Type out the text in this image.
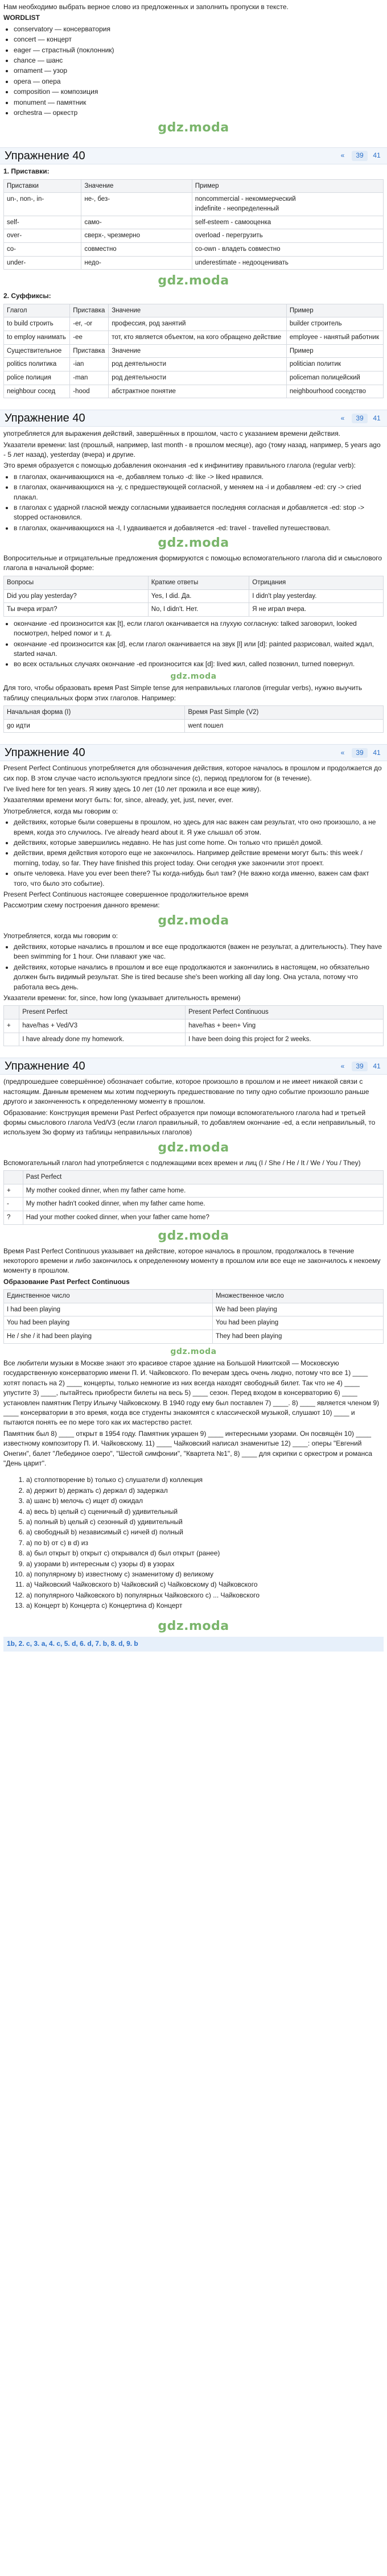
Нам необходимо выбрать верное слово из предложенных и заполнить пропуски в тексте.

WORDLIST

• conservatory — консерватория
• concert — концерт
• eager — страстный (поклонник)
• chance — шанс
• ornament — узор
• opera — опера
• composition — композиция
• monument — памятник
• orchestra — оркестр
gdz.moda
Упражнение 40	«	39	41

1. Приставки:

Приставки	Значение	Пример
un-, non-, in-	не-, без-	noncommercial - некоммерческий
indefinite - неопределенный
self-	само-	self-esteem - самооценка
over-	сверх-, чрезмерно	overload - перегрузить
co-	совместно	co-own - владеть совместно
under-	недо-	underestimate - недооценивать
gdz.moda

2. Суффиксы:

Глагол	Приставка	Значение	Пример
to build строить	-er, -or	профессия, род занятий	builder строитель
to employ нанимать	-ee	тот, кто является объектом, на кого обращено действие	employee - нанятый работник
Существительное	Приставка	Значение	Пример
politics политика	-ian	род деятельности	politician политик
police полиция	-man	род деятельности	policeman полицейский
neighbour сосед	-hood	абстрактное понятие	neighbourhood соседство
Упражнение 40	«	39	41

употребляется для выражения действий, завершённых в прошлом, часто с указанием времени действия.

Указатели времени: last (прошлый, например, last month - в прошлом месяце), ago (тому назад, например, 5 years ago - 5 лет назад), yesterday (вчера) и другие.

Это время образуется с помощью добавления окончания -ed к инфинитиву правильного глагола (regular verb):

• в глаголах, оканчивающихся на -е, добавляем только -d: like -> liked нравился.
• в глаголах, оканчивающихся на -у, с предшествующей согласной, у меняем на -i и добавляем -ed: cry -> cried плакал.
• в глаголах с ударной гласной между согласными удваивается последняя согласная и добавляется -ed: stop -> stopped остановился.
• в глаголах, оканчивающихся на -l, l удваивается и добавляется -ed: travel - travelled путешествовал.
gdz.moda

Вопросительные и отрицательные предложения формируются с помощью вспомогательного глагола did и смыслового глагола в начальной форме:

Вопросы	Краткие ответы	Отрицания
Did you play yesterday?	Yes, I did. Да.	I didn't play yesterday.
Ты вчера играл?	No, I didn't. Нет.	Я не играл вчера.
• окончание -ed произносится как [t], если глагол оканчивается на глухую согласную: talked заговорил, looked посмотрел, helped помог и т. д.
• окончание -ed произносится как [d], если глагол оканчивается на звук [l] или [d]: painted разрисовал, waited ждал, started начал.
• во всех остальных случаях окончание -ed произносится как [d]: lived жил, called позвонил, turned повернул.
gdz.moda

Для того, чтобы образовать время Past Simple tense для неправильных глаголов (irregular verbs), нужно выучить таблицу специальных форм этих глаголов. Например:

Начальная форма (I)	Время Past Simple (V2)
go идти	went пошел
Упражнение 40	«	39	41

Present Perfect Continuous употребляется для обозначения действия, которое началось в прошлом и продолжается до сих пор. В этом случае часто используются предлоги since (с), период предлогом for (в течение).

I've lived here for ten years. Я живу здесь 10 лет (10 лет прожила и все еще живу).

Указателями времени могут быть: for, since, already, yet, just, never, ever.

Употребляется, когда мы говорим о:

• действиях, которые были совершены в прошлом, но здесь для нас важен сам результат, что оно произошло, а не время, когда это случилось. I've already heard about it. Я уже слышал об этом.
• действиях, которые завершились недавно. He has just come home. Он только что пришёл домой.
• действии, время действия которого еще не закончилось. Например действие времени могут быть: this week / morning, today, so far. They have finished this project today. Они сегодня уже закончили этот проект.
• опыте человека. Have you ever been there? Ты когда-нибудь был там? (Не важно когда именно, важен сам факт того, что было это событие).

Present Perfect Continuous настоящее совершенное продолжительное время

Рассмотрим схему построения данного времени:

gdz.moda

Употребляется, когда мы говорим о:

• действиях, которые начались в прошлом и все еще продолжаются (важен не результат, а длительность). They have been swimming for 1 hour. Они плавают уже час.
• действиях, которые начались в прошлом и все еще продолжаются и закончились в настоящем, но обязательно должен быть видимый результат. She is tired because she's been working all day long. Она устала, потому что работала весь день.

Указатели времени: for, since, how long (указывает длительность времени)

	Present Perfect	Present Perfect Continuous
+	have/has + Ved/V3	have/has + been+ Ving
	I have already done my homework.	I have been doing this project for 2 weeks.
Упражнение 40	«	39	41

(предпрошедшее совершённое) обозначает событие, которое произошло в прошлом и не имеет никакой связи с настоящим. Данным временем мы хотим подчеркнуть предшествование по типу одно событие произошло раньше другого и законченность к определенному моменту в прошлом.

Образование: Конструкция времени Past Perfect образуется при помощи вспомогательного глагола had и третьей формы смыслового глагола Ved/V3 (если глагол правильный, то добавляем окончание -ed, а если неправильный, то используем 3ю форму из таблицы неправильных глаголов)

gdz.moda

Вспомогательный глагол had употребляется с подлежащими всех времен и лиц (I / She / He / It / We / You / They)

	Past Perfect
+	My mother cooked dinner, when my father came home.
-	My mother hadn't cooked dinner, when my father came home.
?	Had your mother cooked dinner, when your father came home?
gdz.moda

Время Past Perfect Continuous указывает на действие, которое началось в прошлом, продолжалось в течение некоторого времени и либо закончилось к определенному моменту в прошлом или все еще не закончилось к некоему моменту в прошлом.

Образование Past Perfect Continuous

Единственное число	Множественное число
I had been playing	We had been playing
You had been playing	You had been playing
He / she / it had been playing	They had been playing
gdz.moda

Все любители музыки в Москве знают это красивое старое здание на Большой Никитской — Московскую государственную консерваторию имени П. И. Чайковского. По вечерам здесь очень людно, потому что все 1) ____ хотят попасть на 2) ____ концерты, только немногие из них всегда находят свободный билет. Так что не 4) ____ упустите 3) ____, пытайтесь приобрести билеты на весь 5) ____ сезон. Перед входом в консерваторию 6) ____ установлен памятник Петру Ильичу Чайковскому. В 1940 году ему был поставлен 7) ____. 8) ____ является членом 9) ____ консерватории в это время, когда все студенты знакомятся с классической музыкой, слушают 10) ____ и пытаются понять ее по мере того как их мастерство растет.

Памятник был 8) ____ открыт в 1954 году. Памятник украшен 9) ____ интересными узорами. Он посвящён 10) ____ известному композитору П. И. Чайковскому. 11) ____ Чайковский написал знаменитые 12) ____: оперы "Евгений Онегин", балет "Лебединое озеро", "Шестой симфонии", "Квартета №1", 8) ____ для скрипки с оркестром и романса "День царит".

1. a) столпотворение b) только c) слушатели d) коллекция
2. a) держит b) держать c) держал d) задержал
3. a) шанс b) мелочь c) ищет d) ожидал
4. a) весь b) целый c) сценичный d) удивительный
5. a) полный b) целый c) сезонный d) удивительный
6. a) свободный b) независимый c) ничей d) полный
7. a) по b) от c) в d) из
8. a) был открыт b) открыт c) открывался d) был открыт (ранее)
9. a) узорами b) интересным c) узоры d) в узорах
10. a) популярному b) известному c) знаменитому d) великому
11. a) Чайковский Чайковского b) Чайковский c) Чайковскому d) Чайковского
12. a) популярного Чайковского b) популярных Чайковского c) ... Чайковского
13. a) Концерт b) Концерта c) Концертина d) Концерт
gdz.moda
1b, 2. c, 3. a, 4. c, 5. d, 6. d, 7. b, 8. d, 9. b
